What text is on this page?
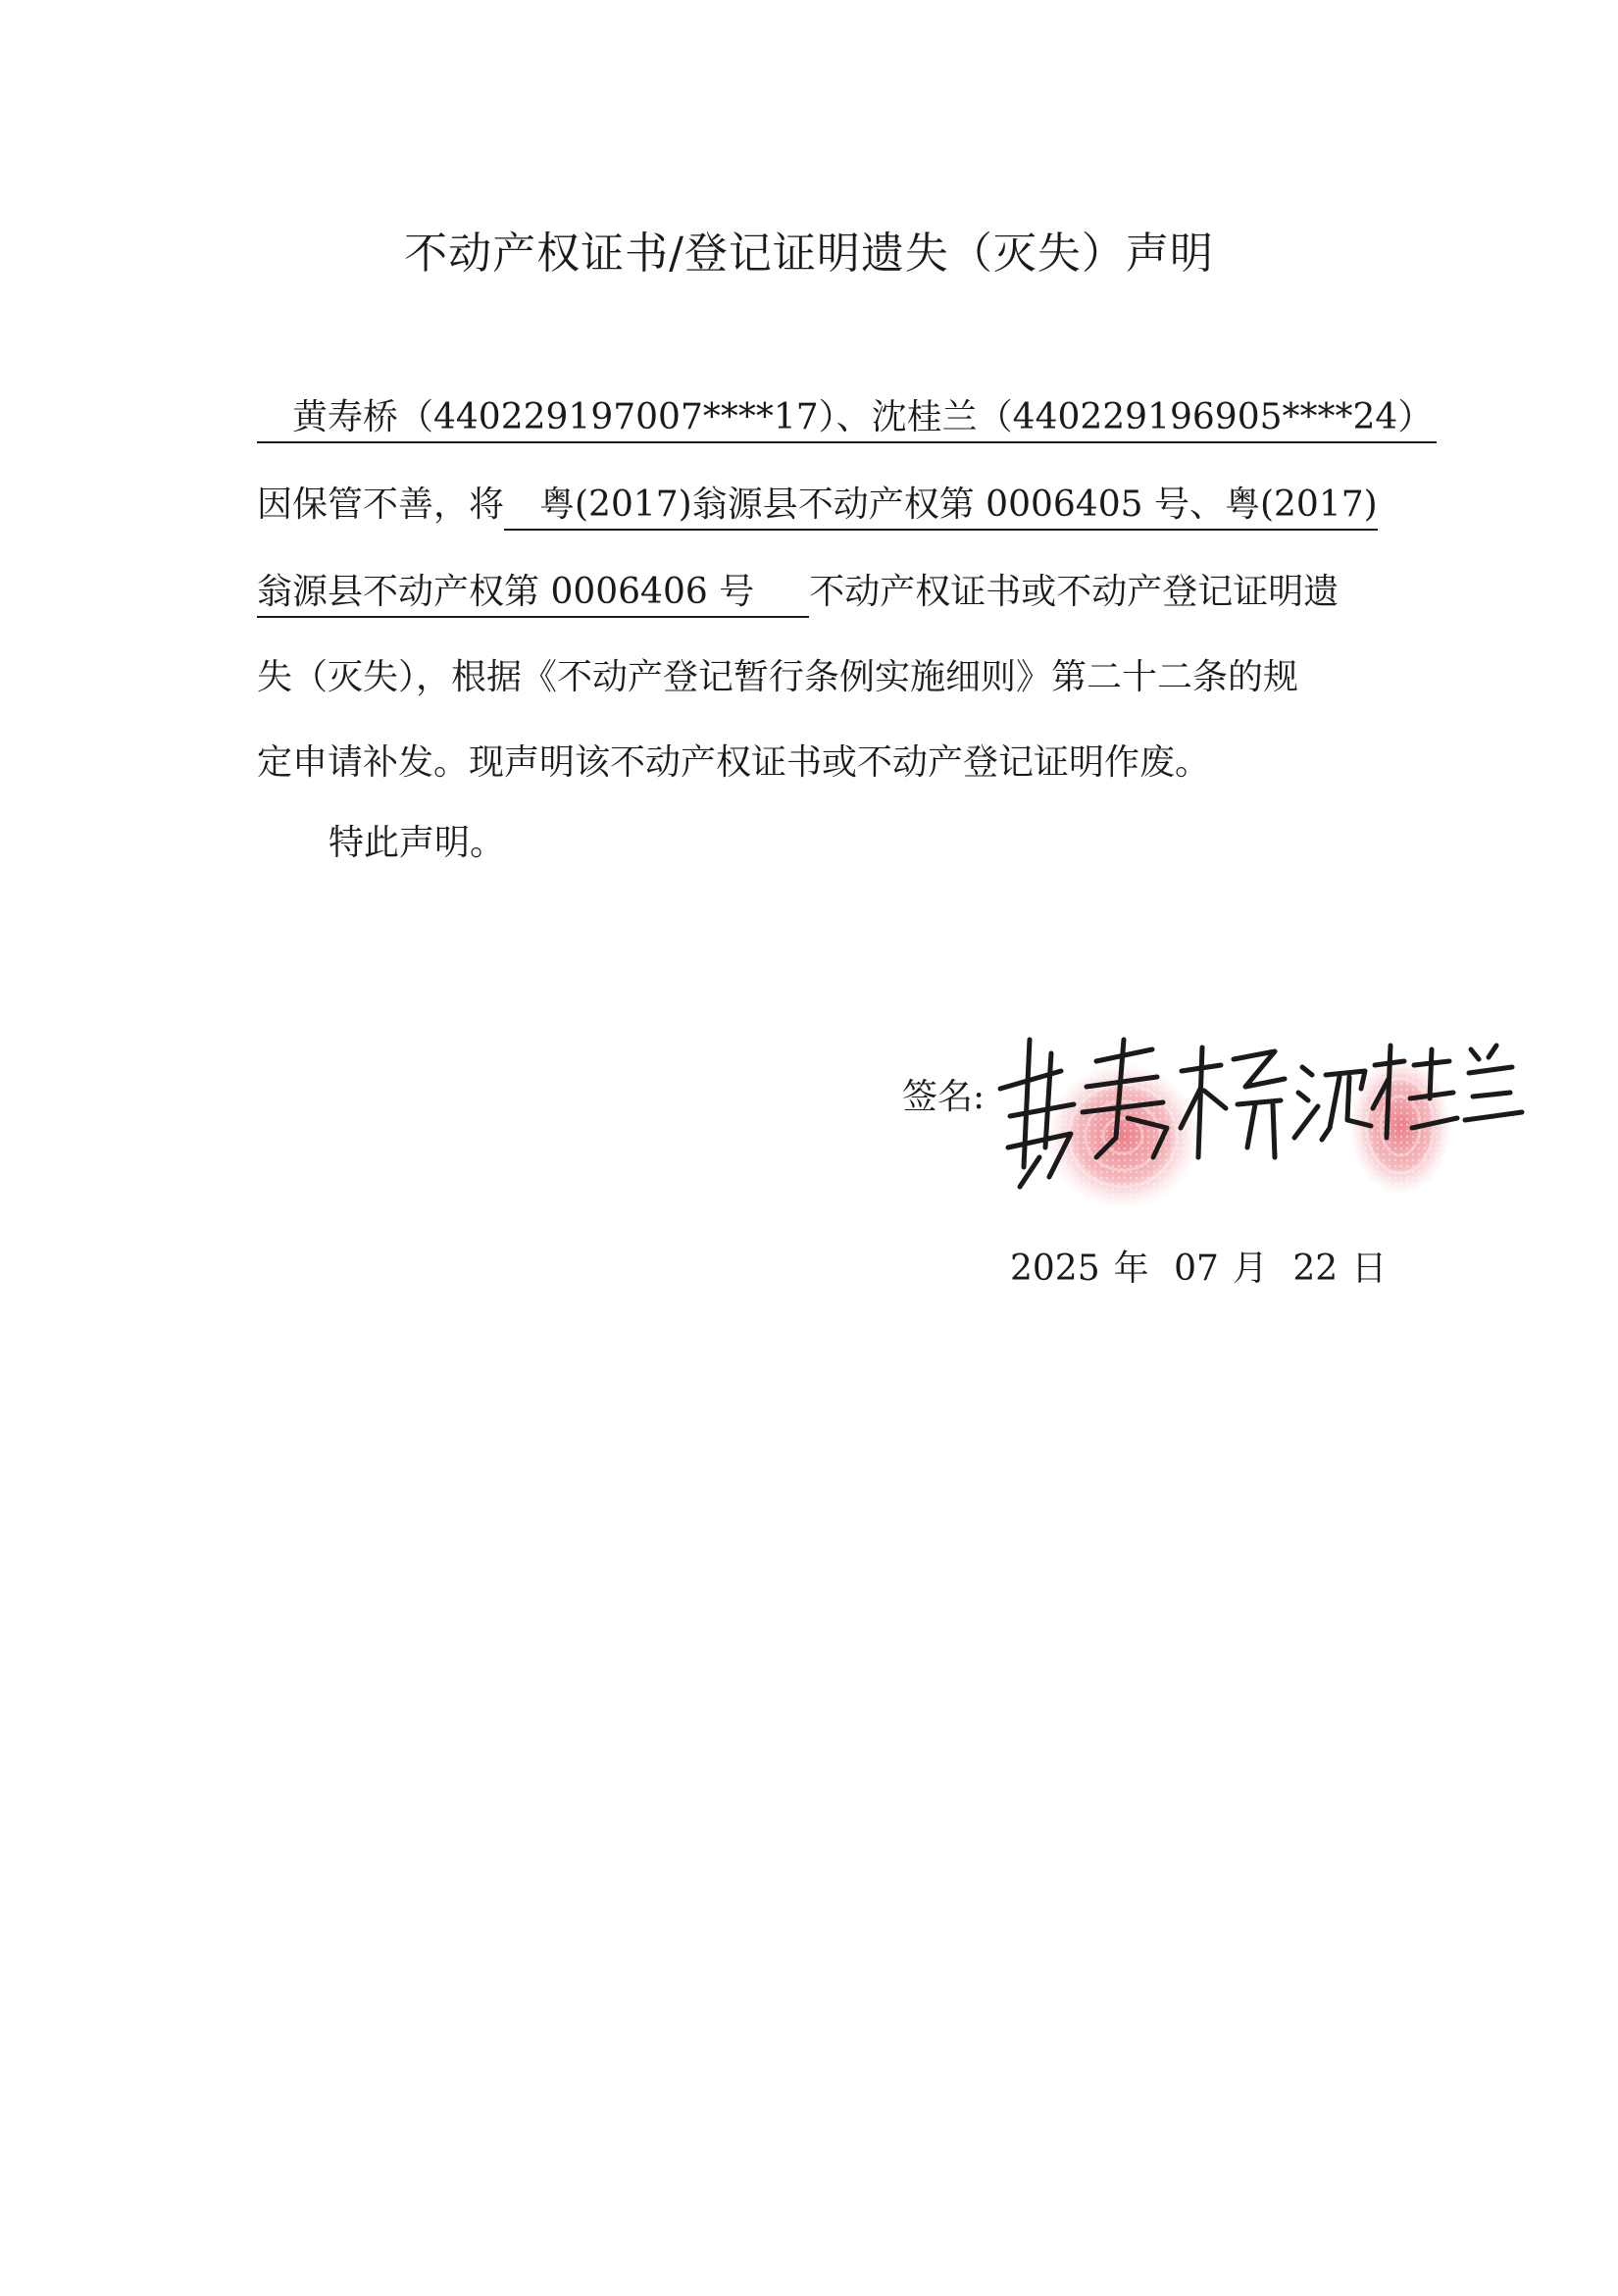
不动产权证书/登记证明遗失（灭失）声明
黄寿桥（440229197007****17）、沈桂兰（440229196905****24）
因保管不善，将 粤(2017)翁源县不动产权第 0006405 号、粤(2017)
翁源县不动产权第 0006406 号 不动产权证书或不动产登记证明遗
失（灭失），根据《不动产登记暂行条例实施细则》第二十二条的规
定申请补发。现声明该不动产权证书或不动产登记证明作废。
特此声明。
签名:
2025 年 07 月 22 日
